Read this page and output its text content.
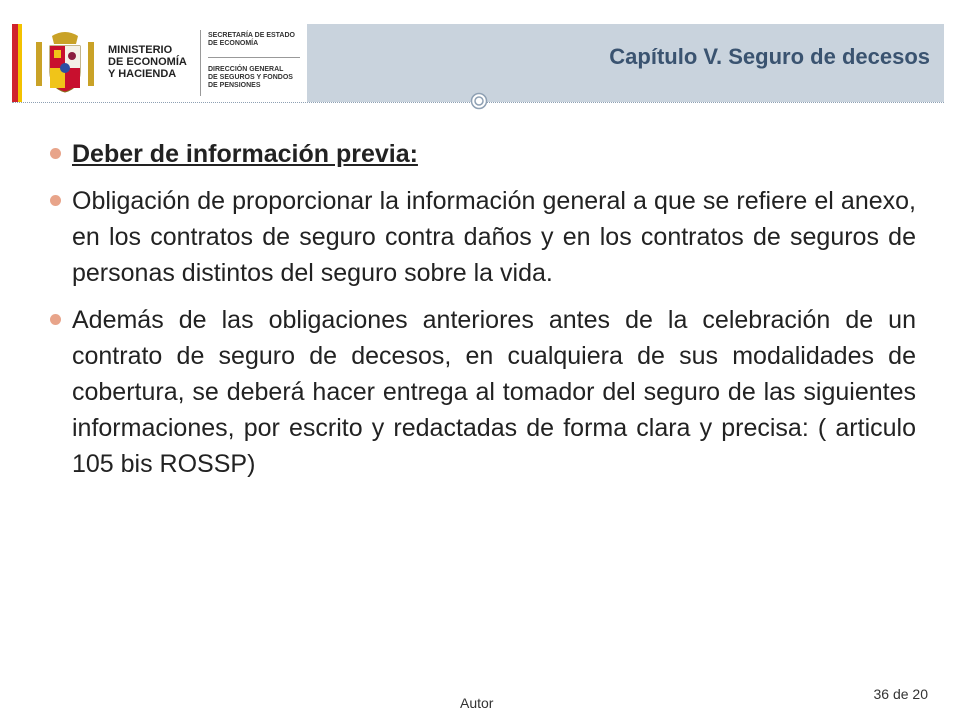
MINISTERIO
DE ECONOMÍA
Y HACIENDA
SECRETARÍA DE ESTADO
DE ECONOMÍA
DIRECCIÓN GENERAL
DE SEGUROS Y FONDOS
DE PENSIONES
Capítulo V. Seguro de decesos
Deber de información previa:
Obligación de proporcionar la información general a que se refiere el anexo, en los contratos de seguro contra daños y en los contratos de seguros de personas distintos del seguro sobre la vida.
Además de las obligaciones anteriores antes de la celebración de un contrato de seguro de decesos, en cualquiera de sus modalidades de cobertura, se deberá hacer entrega al tomador del seguro de las siguientes informaciones, por escrito y redactadas de forma clara y precisa: ( articulo 105 bis ROSSP)
Autor
36 de 20
